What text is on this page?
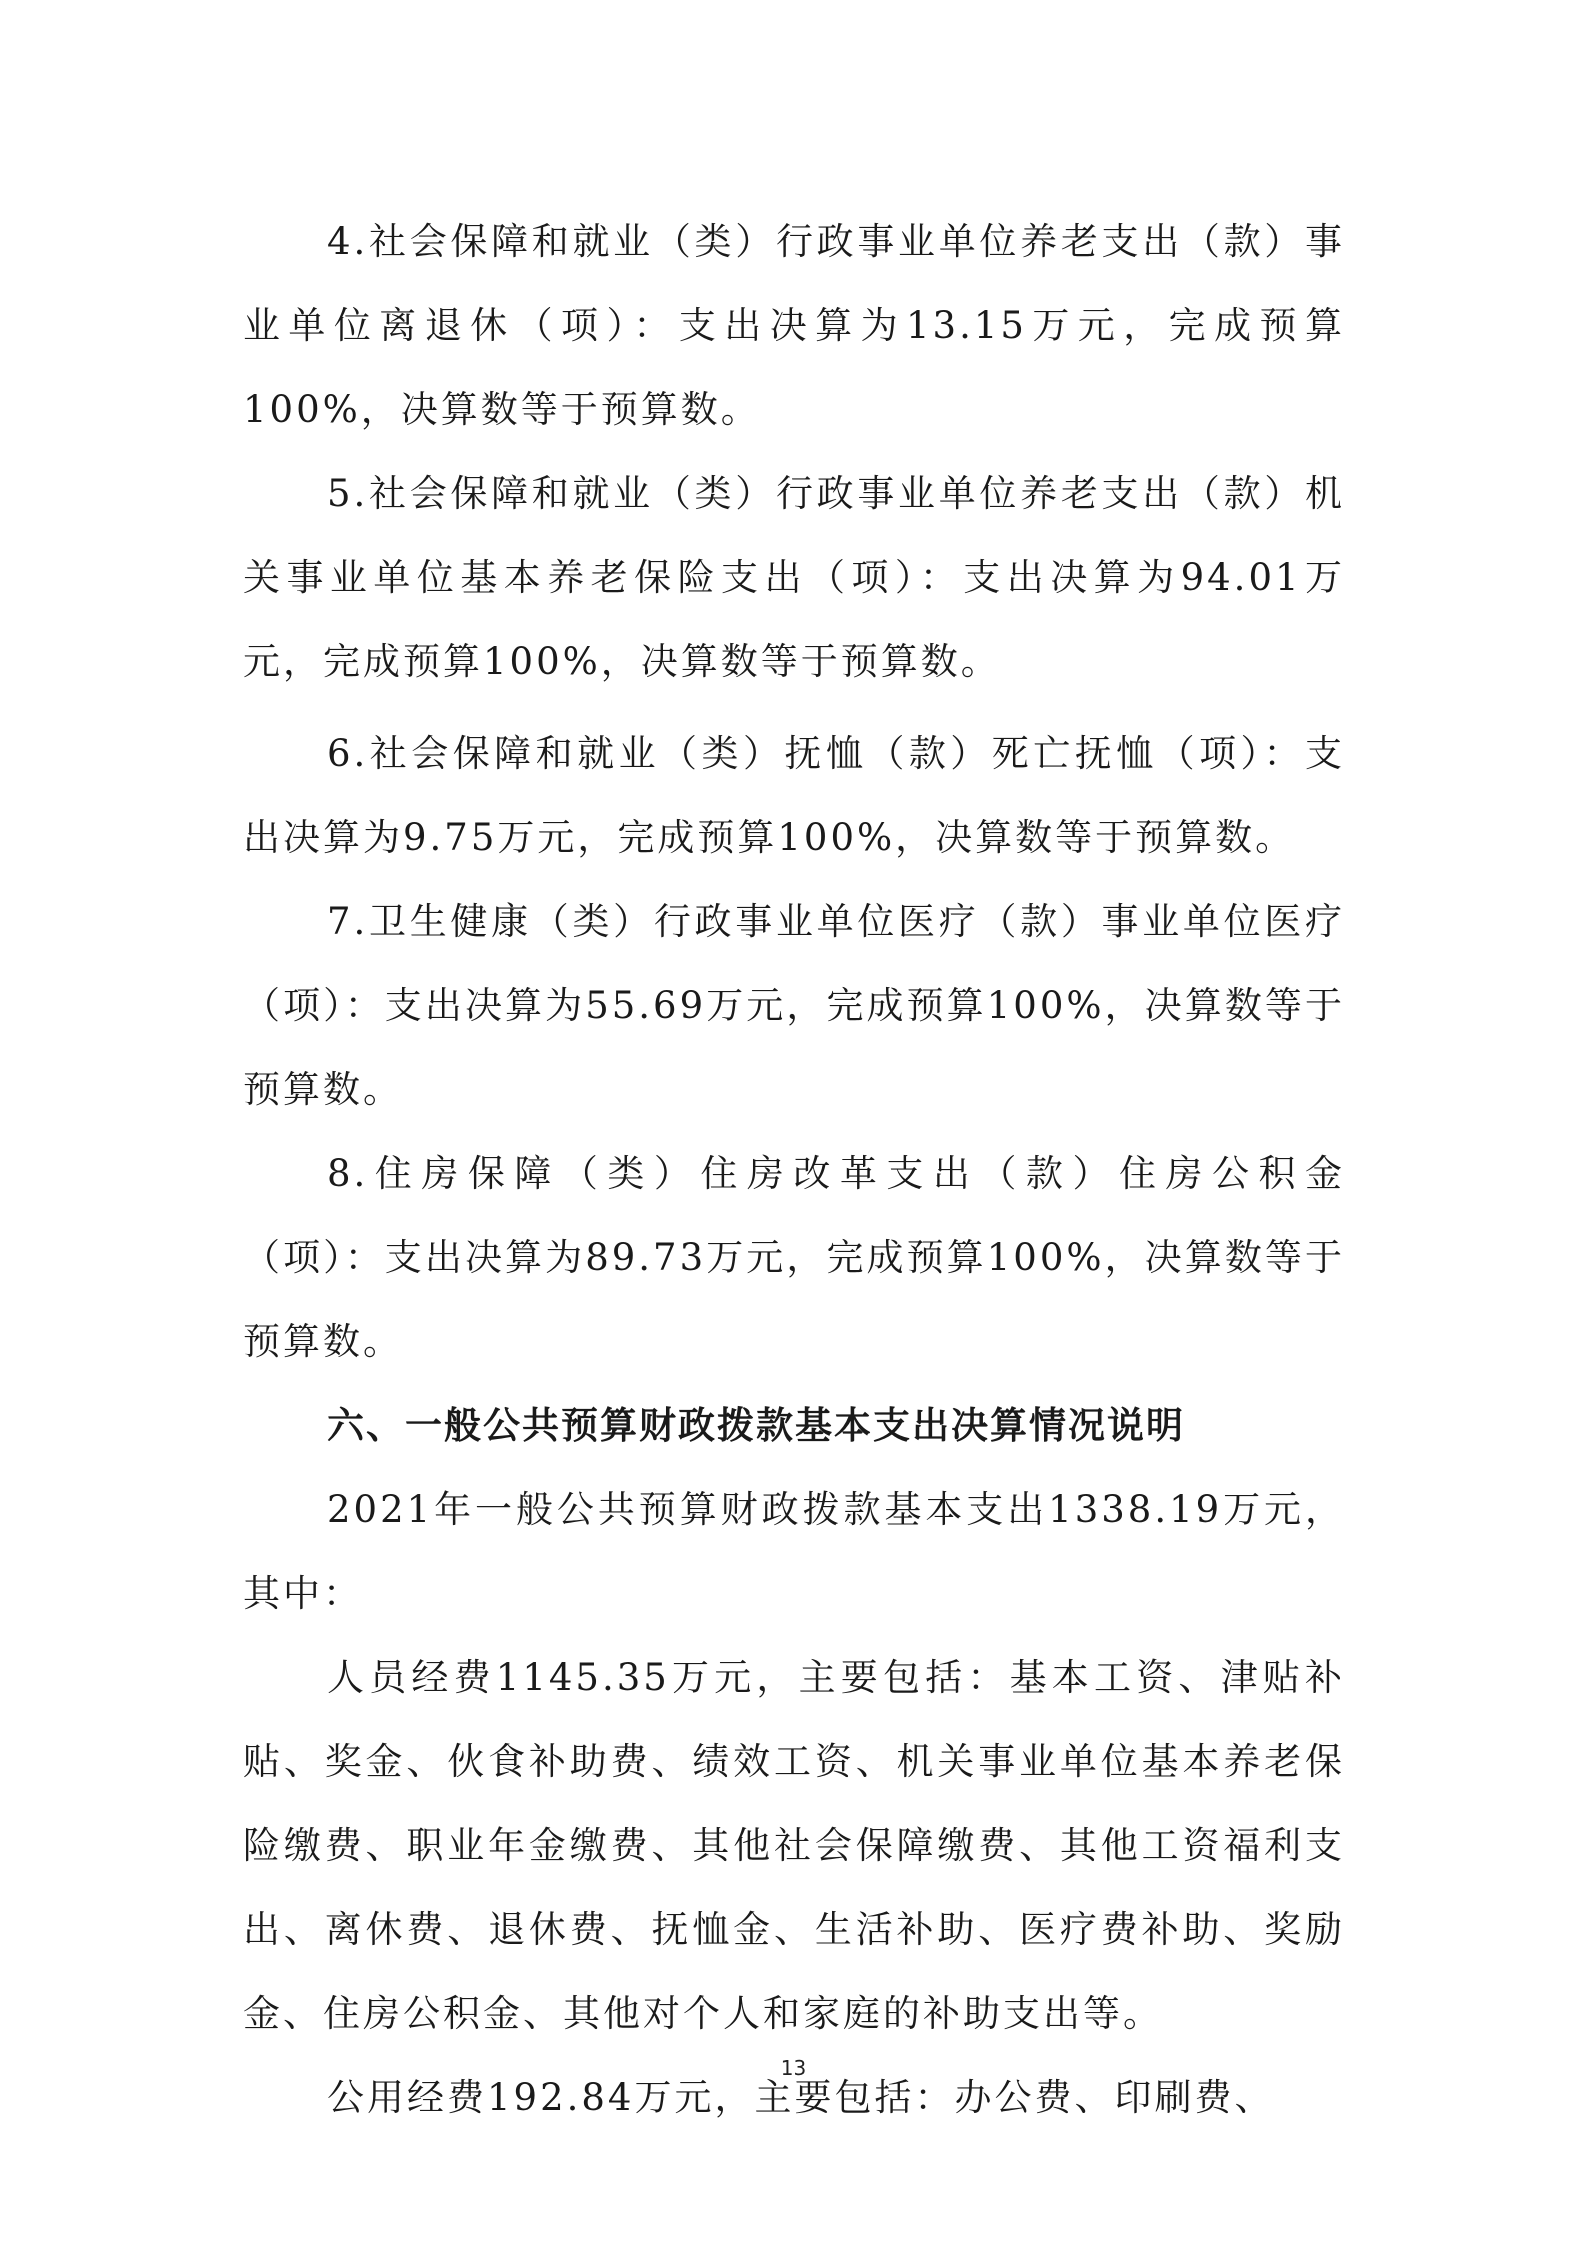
4.社会保障和就业（类）行政事业单位养老支出（款）事业单位离退休（项）：支出决算为13.15万元，完成预算100%，决算数等于预算数。

5.社会保障和就业（类）行政事业单位养老支出（款）机关事业单位基本养老保险支出（项）：支出决算为94.01万元，完成预算100%，决算数等于预算数。

6.社会保障和就业（类）抚恤（款）死亡抚恤（项）：支出决算为9.75万元，完成预算100%，决算数等于预算数。

7.卫生健康（类）行政事业单位医疗（款）事业单位医疗（项）：支出决算为55.69万元，完成预算100%，决算数等于预算数。

8.住房保障（类）住房改革支出（款）住房公积金（项）：支出决算为89.73万元，完成预算100%，决算数等于预算数。

六、一般公共预算财政拨款基本支出决算情况说明

2021年一般公共预算财政拨款基本支出1338.19万元，其中：

人员经费1145.35万元，主要包括：基本工资、津贴补贴、奖金、伙食补助费、绩效工资、机关事业单位基本养老保险缴费、职业年金缴费、其他社会保障缴费、其他工资福利支出、离休费、退休费、抚恤金、生活补助、医疗费补助、奖励金、住房公积金、其他对个人和家庭的补助支出等。

公用经费192.84万元，主要包括：办公费、印刷费、

13
